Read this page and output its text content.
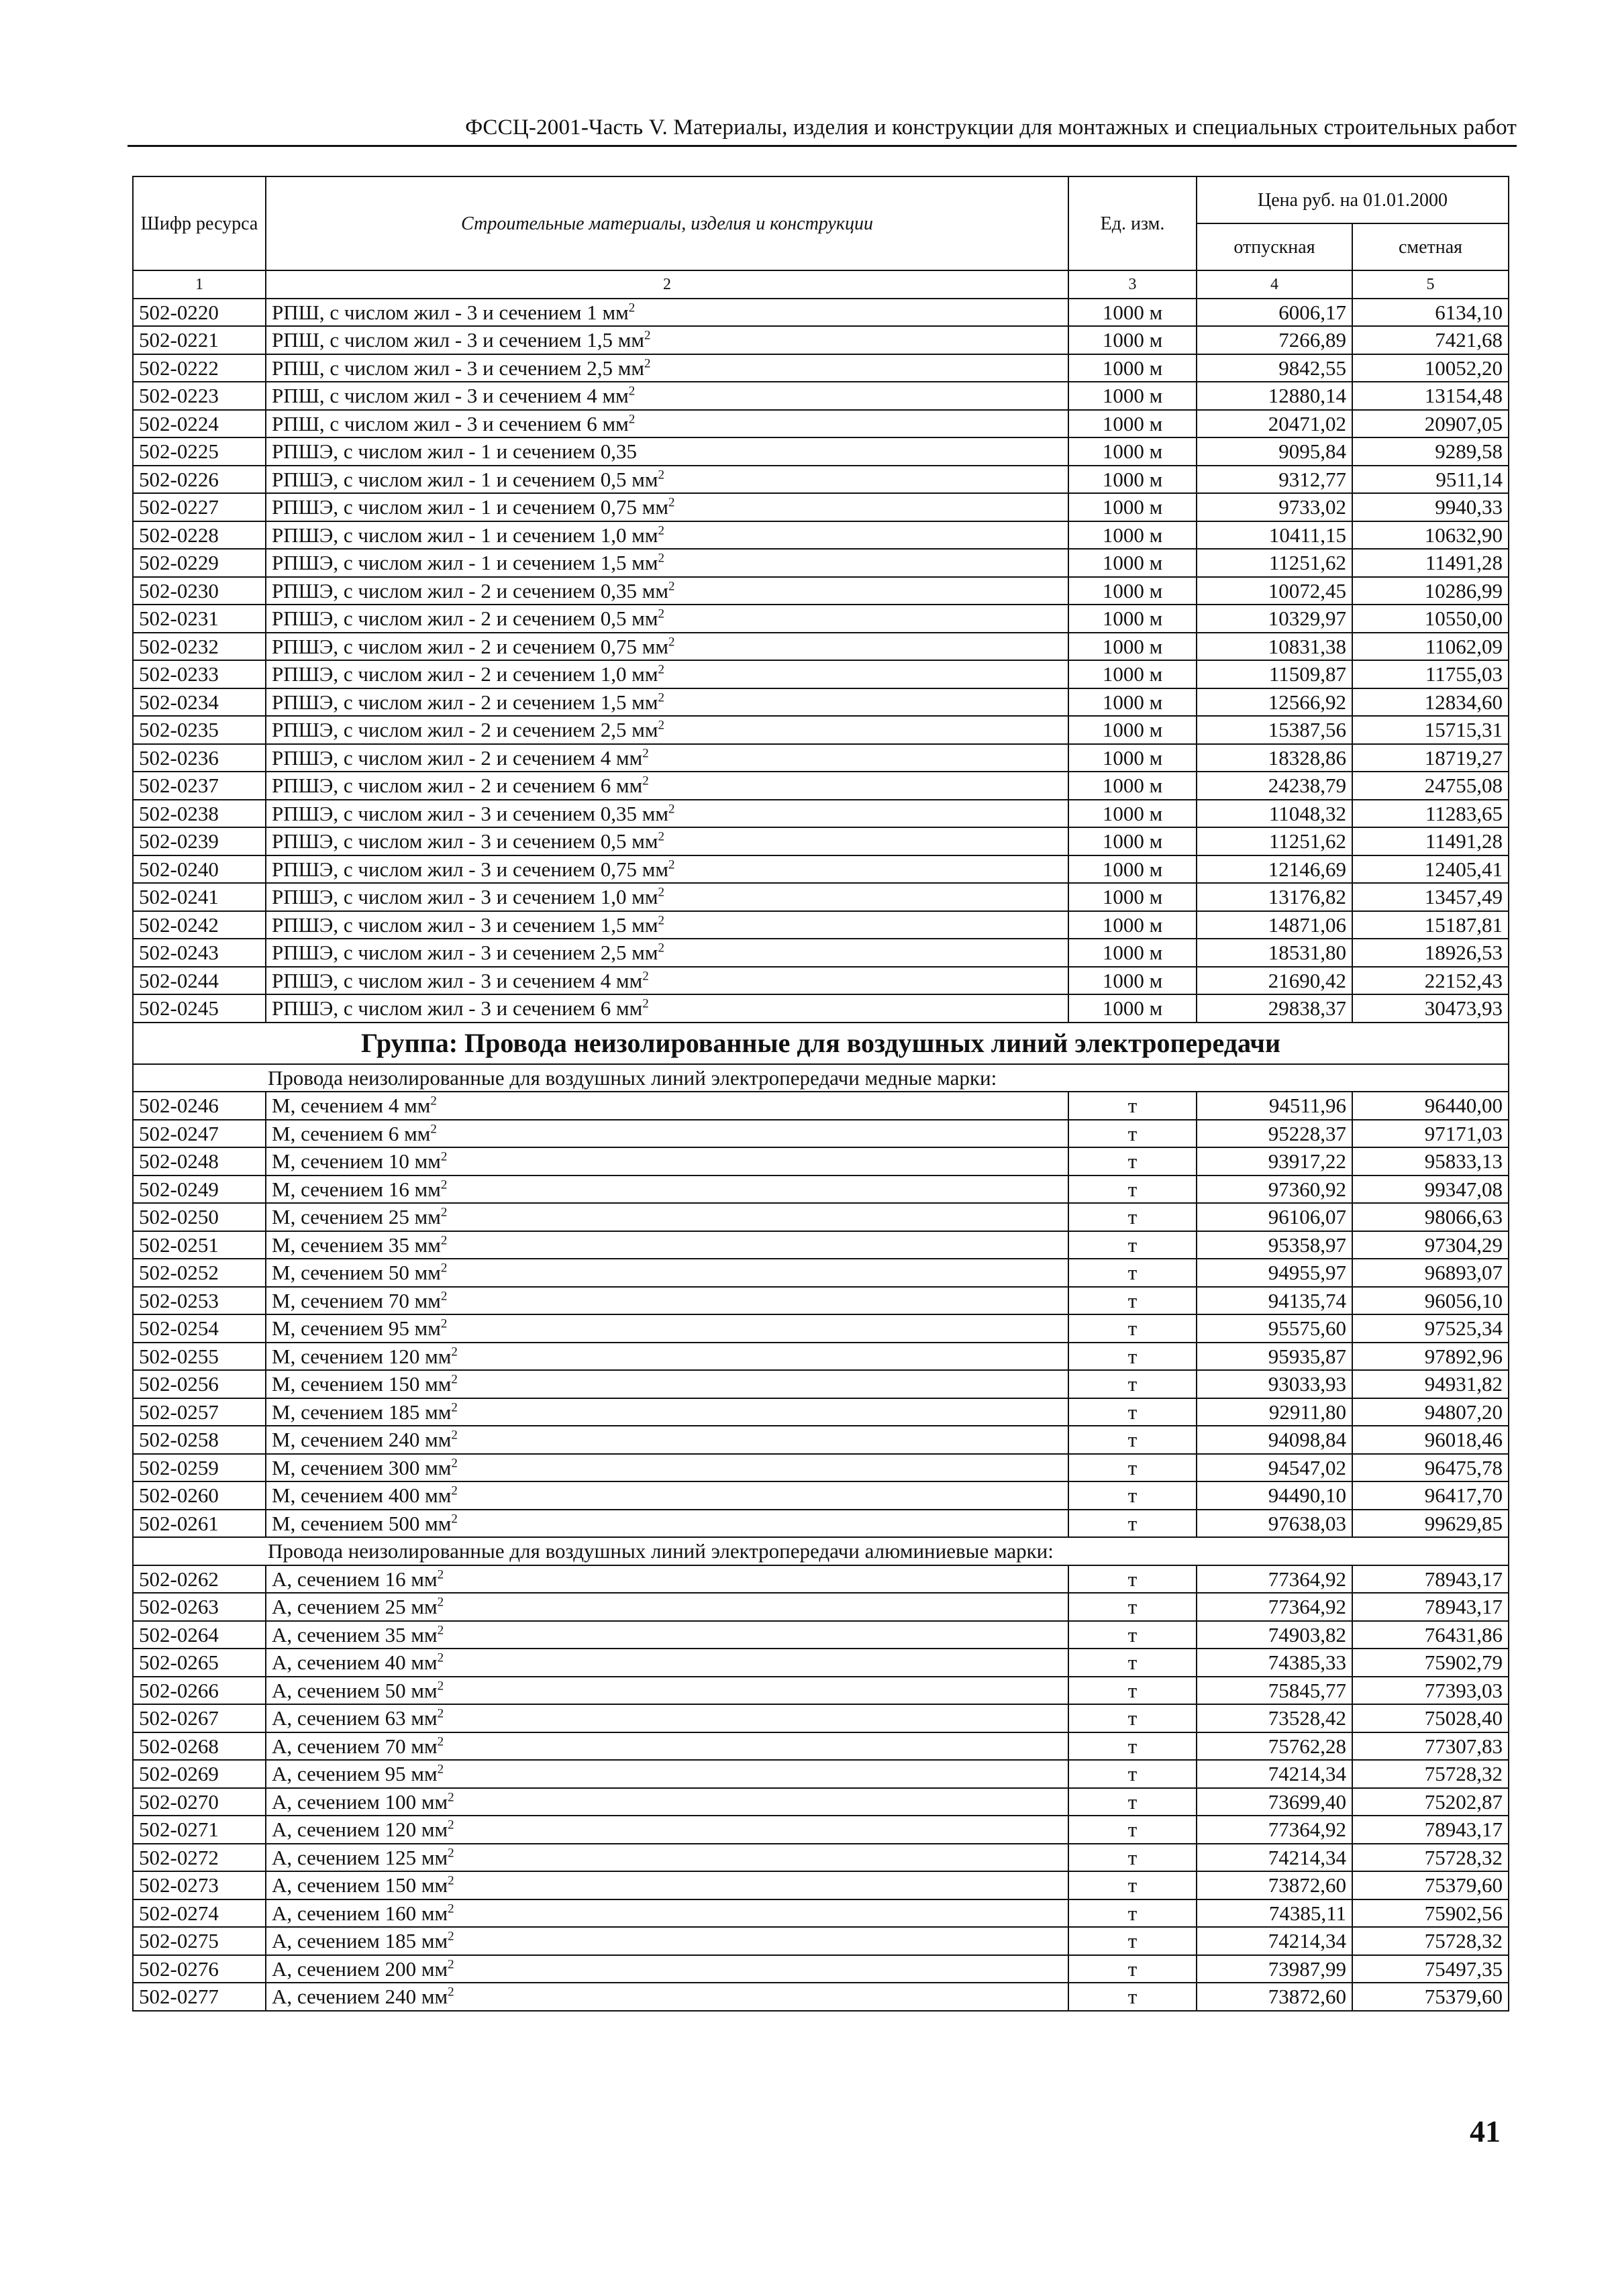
ФССЦ-2001-Часть V. Материалы, изделия и конструкции для монтажных и специальных строительных работ
Шифр ресурса	Строительные материалы, изделия и конструкции	Ед. изм.	Цена руб. на 01.01.2000	
			отпускная	сметная
1	2	3	4	5
502-0220	РПШ, с числом жил - 3 и сечением 1 $мм^2$	1000 м	6006,17	6134,10
502-0221	РПШ, с числом жил - 3 и сечением 1,5 $мм^2$	1000 м	7266,89	7421,68
502-0222	РПШ, с числом жил - 3 и сечением 2,5 $мм^2$	1000 м	9842,55	10052,20
502-0223	РПШ, с числом жил - 3 и сечением 4 $мм^2$	1000 м	12880,14	13154,48
502-0224	РПШ, с числом жил - 3 и сечением 6 $мм^2$	1000 м	20471,02	20907,05
502-0225	РПШЭ, с числом жил - 1 и сечением 0,35	1000 м	9095,84	9289,58
502-0226	РПШЭ, с числом жил - 1 и сечением 0,5 $мм^2$	1000 м	9312,77	9511,14
502-0227	РПШЭ, с числом жил - 1 и сечением 0,75 $мм^2$	1000 м	9733,02	9940,33
502-0228	РПШЭ, с числом жил - 1 и сечением 1,0 $мм^2$	1000 м	10411,15	10632,90
502-0229	РПШЭ, с числом жил - 1 и сечением 1,5 $мм^2$	1000 м	11251,62	11491,28
502-0230	РПШЭ, с числом жил - 2 и сечением 0,35 $мм^2$	1000 м	10072,45	10286,99
502-0231	РПШЭ, с числом жил - 2 и сечением 0,5 $мм^2$	1000 м	10329,97	10550,00
502-0232	РПШЭ, с числом жил - 2 и сечением 0,75 $мм^2$	1000 м	10831,38	11062,09
502-0233	РПШЭ, с числом жил - 2 и сечением 1,0 $мм^2$	1000 м	11509,87	11755,03
502-0234	РПШЭ, с числом жил - 2 и сечением 1,5 $мм^2$	1000 м	12566,92	12834,60
502-0235	РПШЭ, с числом жил - 2 и сечением 2,5 $мм^2$	1000 м	15387,56	15715,31
502-0236	РПШЭ, с числом жил - 2 и сечением 4 $мм^2$	1000 м	18328,86	18719,27
502-0237	РПШЭ, с числом жил - 2 и сечением 6 $мм^2$	1000 м	24238,79	24755,08
502-0238	РПШЭ, с числом жил - 3 и сечением 0,35 $мм^2$	1000 м	11048,32	11283,65
502-0239	РПШЭ, с числом жил - 3 и сечением 0,5 $мм^2$	1000 м	11251,62	11491,28
502-0240	РПШЭ, с числом жил - 3 и сечением 0,75 $мм^2$	1000 м	12146,69	12405,41
502-0241	РПШЭ, с числом жил - 3 и сечением 1,0 $мм^2$	1000 м	13176,82	13457,49
502-0242	РПШЭ, с числом жил - 3 и сечением 1,5 $мм^2$	1000 м	14871,06	15187,81
502-0243	РПШЭ, с числом жил - 3 и сечением 2,5 $мм^2$	1000 м	18531,80	18926,53
502-0244	РПШЭ, с числом жил - 3 и сечением 4 $мм^2$	1000 м	21690,42	22152,43
502-0245	РПШЭ, с числом жил - 3 и сечением 6 $мм^2$	1000 м	29838,37	30473,93
Группа: Провода неизолированные для воздушных линий электропередачи				
Провода неизолированные для воздушных линий электропередачи медные марки:				
502-0246	М, сечением 4 $мм^2$	т	94511,96	96440,00
502-0247	М, сечением 6 $мм^2$	т	95228,37	97171,03
502-0248	М, сечением 10 $мм^2$	т	93917,22	95833,13
502-0249	М, сечением 16 $мм^2$	т	97360,92	99347,08
502-0250	М, сечением 25 $мм^2$	т	96106,07	98066,63
502-0251	М, сечением 35 $мм^2$	т	95358,97	97304,29
502-0252	М, сечением 50 $мм^2$	т	94955,97	96893,07
502-0253	М, сечением 70 $мм^2$	т	94135,74	96056,10
502-0254	М, сечением 95 $мм^2$	т	95575,60	97525,34
502-0255	М, сечением 120 $мм^2$	т	95935,87	97892,96
502-0256	М, сечением 150 $мм^2$	т	93033,93	94931,82
502-0257	М, сечением 185 $мм^2$	т	92911,80	94807,20
502-0258	М, сечением 240 $мм^2$	т	94098,84	96018,46
502-0259	М, сечением 300 $мм^2$	т	94547,02	96475,78
502-0260	М, сечением 400 $мм^2$	т	94490,10	96417,70
502-0261	М, сечением 500 $мм^2$	т	97638,03	99629,85
Провода неизолированные для воздушных линий электропередачи алюминиевые марки:				
502-0262	А, сечением 16 $мм^2$	т	77364,92	78943,17
502-0263	А, сечением 25 $мм^2$	т	77364,92	78943,17
502-0264	А, сечением 35 $мм^2$	т	74903,82	76431,86
502-0265	А, сечением 40 $мм^2$	т	74385,33	75902,79
502-0266	А, сечением 50 $мм^2$	т	75845,77	77393,03
502-0267	А, сечением 63 $мм^2$	т	73528,42	75028,40
502-0268	А, сечением 70 $мм^2$	т	75762,28	77307,83
502-0269	А, сечением 95 $мм^2$	т	74214,34	75728,32
502-0270	А, сечением 100 $мм^2$	т	73699,40	75202,87
502-0271	А, сечением 120 $мм^2$	т	77364,92	78943,17
502-0272	А, сечением 125 $мм^2$	т	74214,34	75728,32
502-0273	А, сечением 150 $мм^2$	т	73872,60	75379,60
502-0274	А, сечением 160 $мм^2$	т	74385,11	75902,56
502-0275	А, сечением 185 $мм^2$	т	74214,34	75728,32
502-0276	А, сечением 200 $мм^2$	т	73987,99	75497,35
502-0277	А, сечением 240 $мм^2$	т	73872,60	75379,60
41
